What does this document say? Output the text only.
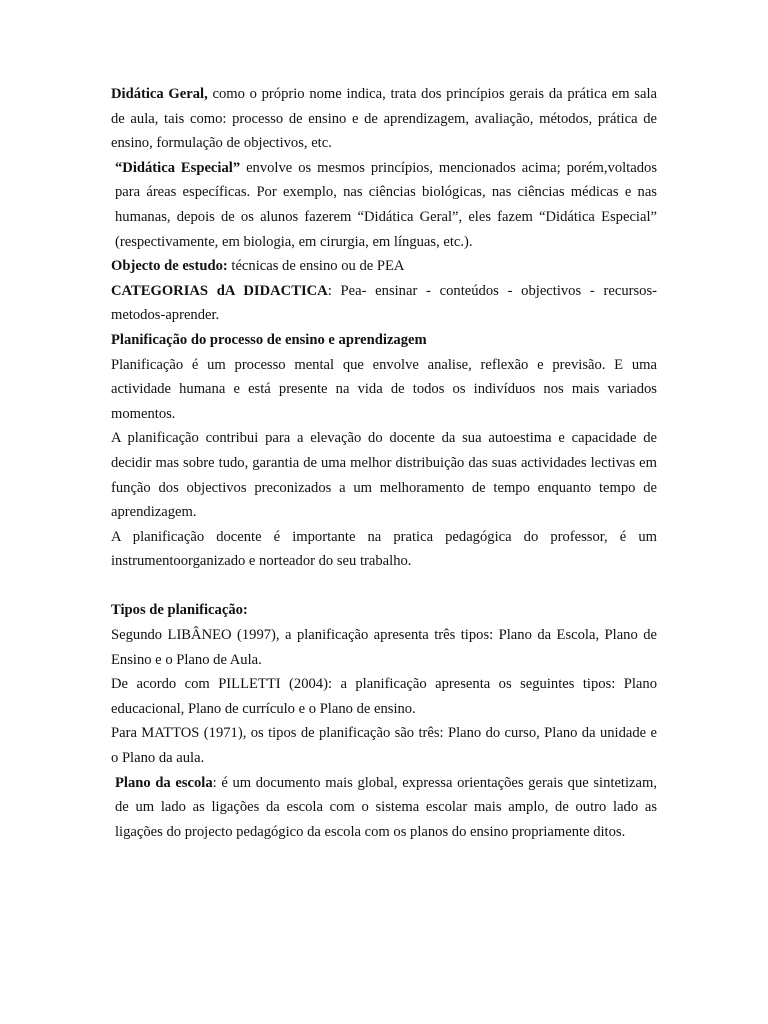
Didática Geral, como o próprio nome indica, trata dos princípios gerais da prática em sala de aula, tais como: processo de ensino e de aprendizagem, avaliação, métodos, prática de ensino, formulação de objectivos, etc.

“Didática Especial” envolve os mesmos princípios, mencionados acima; porém,voltados para áreas específicas. Por exemplo, nas ciências biológicas, nas ciências médicas e nas humanas, depois de os alunos fazerem “Didática Geral”, eles fazem “Didática Especial” (respectivamente, em biologia, em cirurgia, em línguas, etc.).

Objecto de estudo: técnicas de ensino ou de PEA

CATEGORIAS dA DIDACTICA: Pea- ensinar - conteúdos - objectivos - recursos-metodos-aprender.

Planificação do processo de ensino e aprendizagem

Planificação é um processo mental que envolve analise, reflexão e previsão. E uma actividade humana e está presente na vida de todos os indivíduos nos mais variados momentos.

A planificação contribui para a elevação do docente da sua autoestima e capacidade de decidir mas sobre tudo, garantia de uma melhor distribuição das suas actividades lectivas em função dos objectivos preconizados a um melhoramento de tempo enquanto tempo de aprendizagem.

A planificação docente é importante na pratica pedagógica do professor, é um instrumentoorganizado e norteador do seu trabalho.

Tipos de planificação:

Segundo LIBÂNEO (1997), a planificação apresenta três tipos: Plano da Escola, Plano de Ensino e o Plano de Aula.

De acordo com PILLETTI (2004): a planificação apresenta os seguintes tipos: Plano educacional, Plano de currículo e o Plano de ensino.

Para MATTOS (1971), os tipos de planificação são três: Plano do curso, Plano da unidade e o Plano da aula.

Plano da escola: é um documento mais global, expressa orientações gerais que sintetizam, de um lado as ligações da escola com o sistema escolar mais amplo, de outro lado as ligações do projecto pedagógico da escola com os planos do ensino propriamente ditos.
